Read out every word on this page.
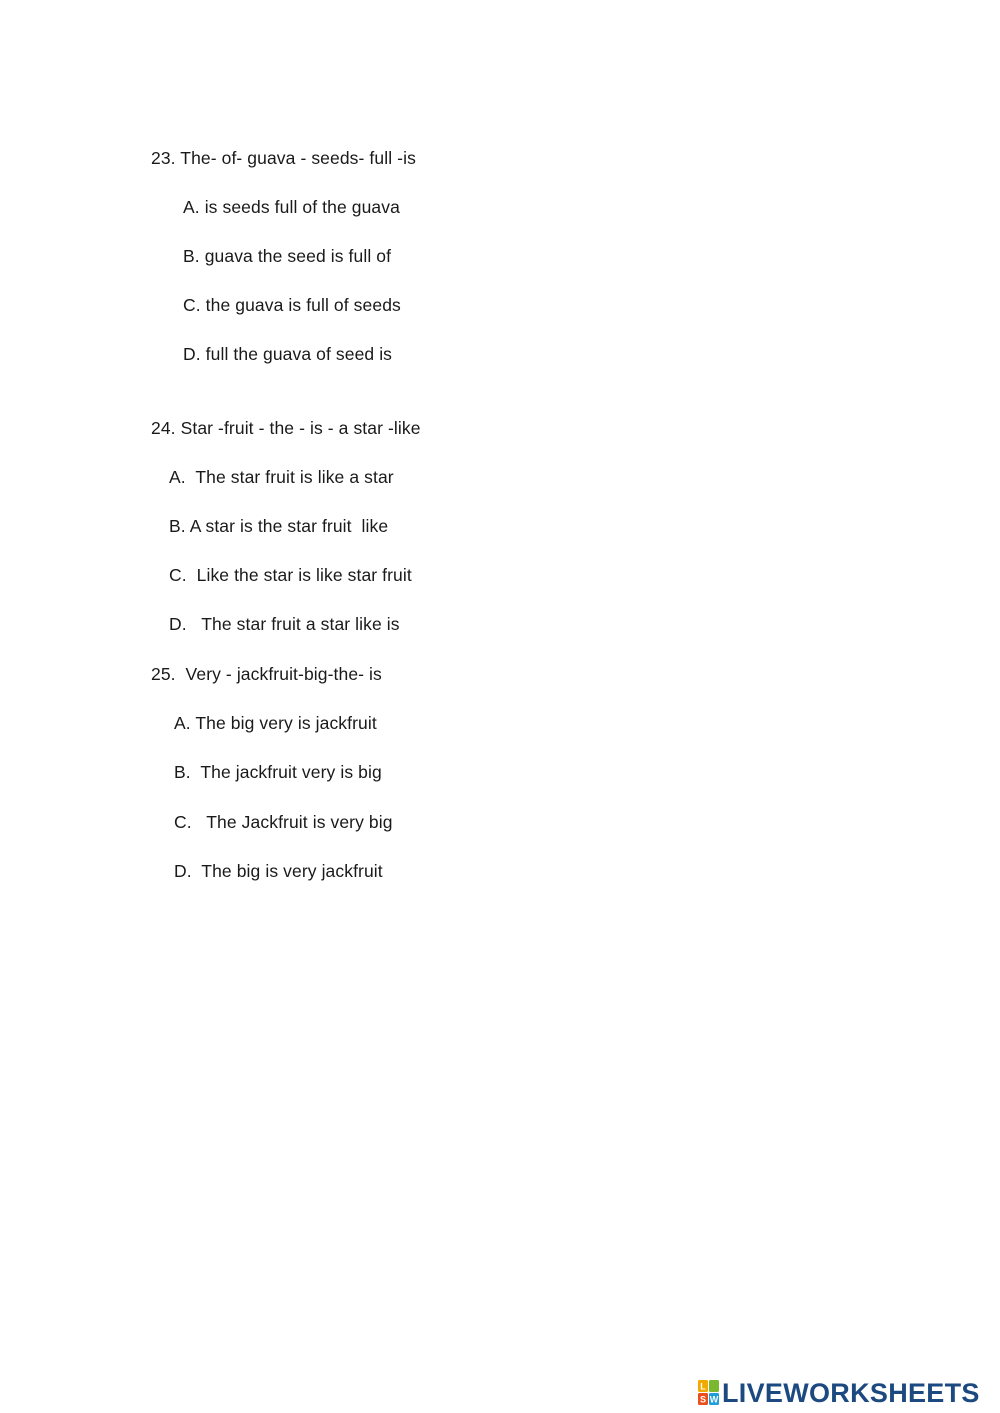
23. The- of- guava - seeds- full -is
A. is seeds full of the guava
B. guava the seed is full of
C. the guava is full of seeds
D. full the guava of seed is
24. Star -fruit - the - is - a star -like
A.  The star fruit is like a star
B. A star is the star fruit  like
C.  Like the star is like star fruit
D.   The star fruit a star like is
25.  Very - jackfruit-big-the- is
A. The big very is jackfruit
B.  The jackfruit very is big
C.   The Jackfruit is very big
D.  The big is very jackfruit
L
W
S LIVEWORKSHEETS
